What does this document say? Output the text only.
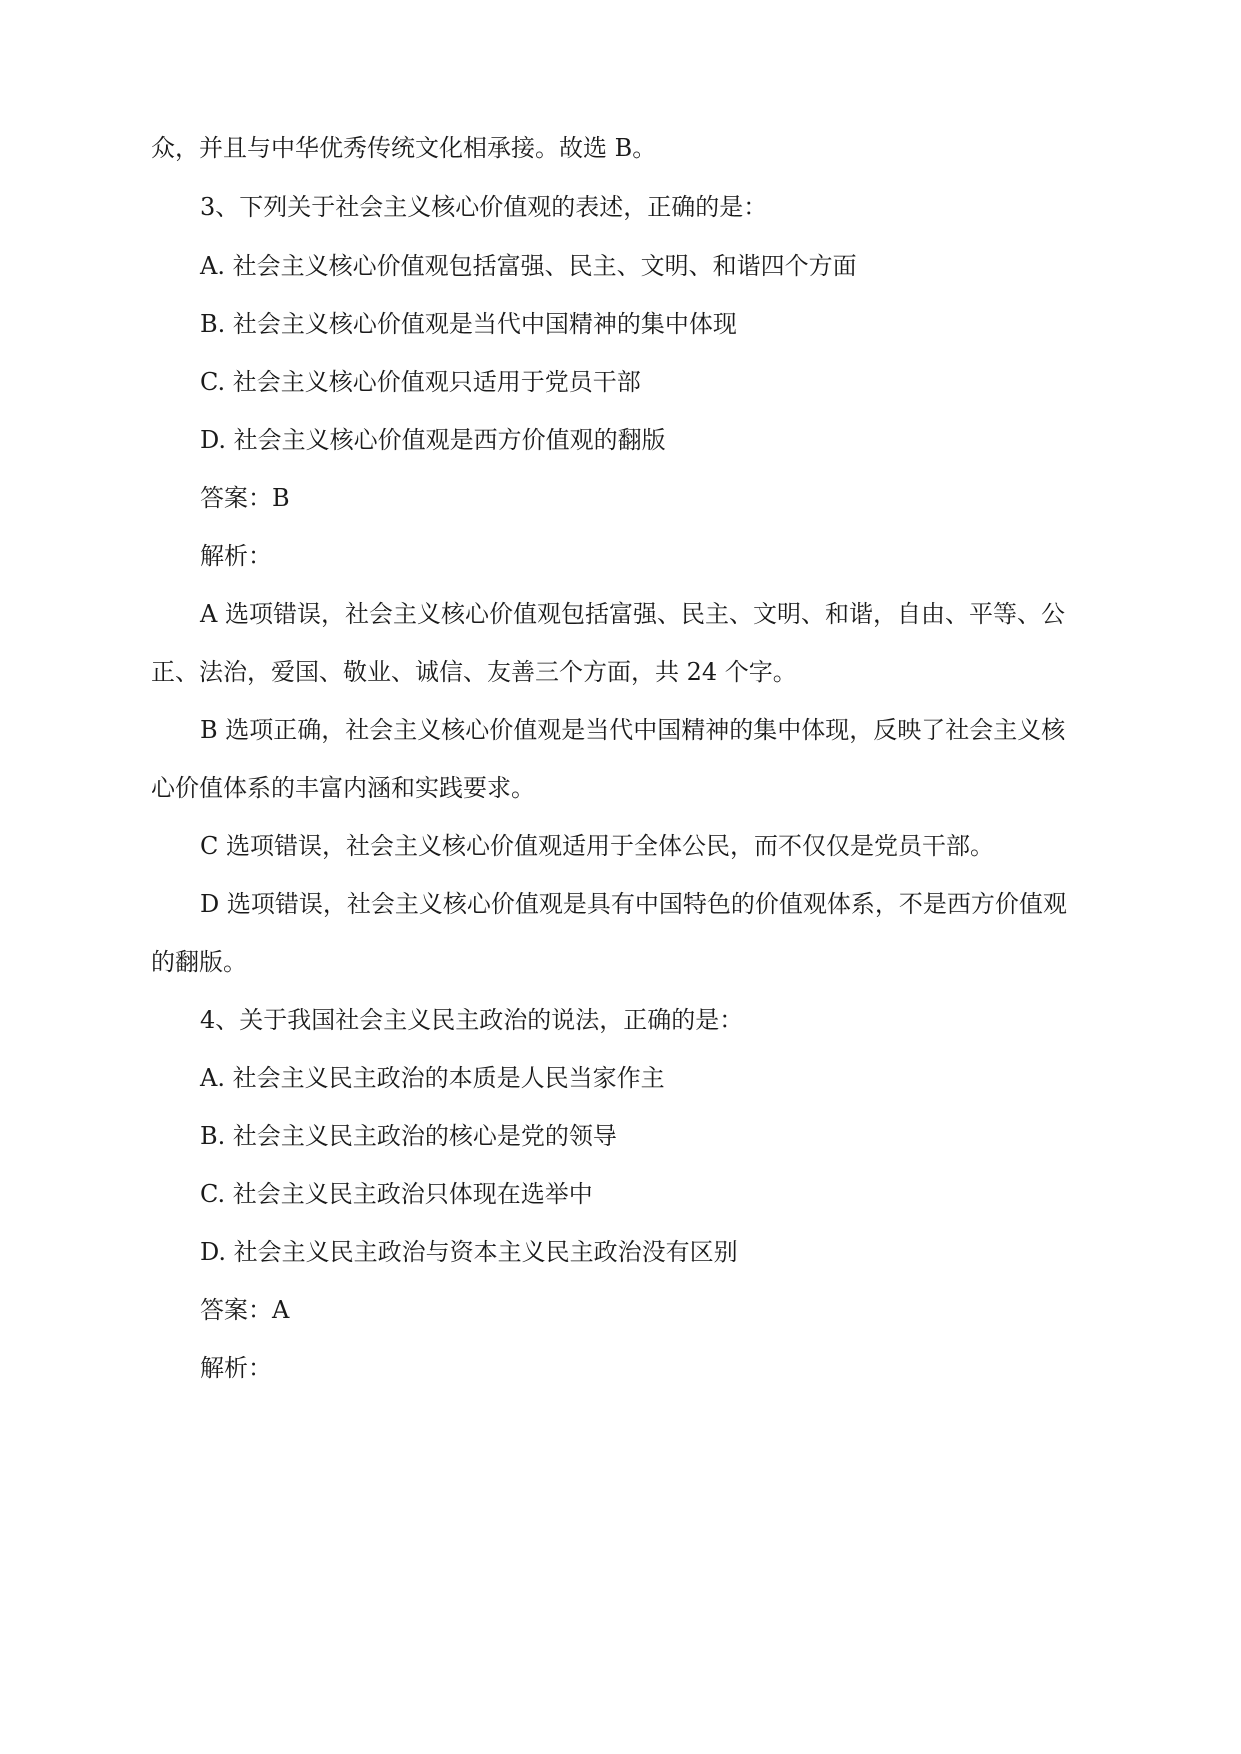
众，并且与中华优秀传统文化相承接。故选 B。
3、下列关于社会主义核心价值观的表述，正确的是：
A. 社会主义核心价值观包括富强、民主、文明、和谐四个方面
B. 社会主义核心价值观是当代中国精神的集中体现
C. 社会主义核心价值观只适用于党员干部
D. 社会主义核心价值观是西方价值观的翻版
答案：B
解析：
A 选项错误，社会主义核心价值观包括富强、民主、文明、和谐，自由、平等、公
正、法治，爱国、敬业、诚信、友善三个方面，共 24 个字。
B 选项正确，社会主义核心价值观是当代中国精神的集中体现，反映了社会主义核
心价值体系的丰富内涵和实践要求。
C 选项错误，社会主义核心价值观适用于全体公民，而不仅仅是党员干部。
D 选项错误，社会主义核心价值观是具有中国特色的价值观体系，不是西方价值观
的翻版。
4、关于我国社会主义民主政治的说法，正确的是：
A. 社会主义民主政治的本质是人民当家作主
B. 社会主义民主政治的核心是党的领导
C. 社会主义民主政治只体现在选举中
D. 社会主义民主政治与资本主义民主政治没有区别
答案：A
解析：
